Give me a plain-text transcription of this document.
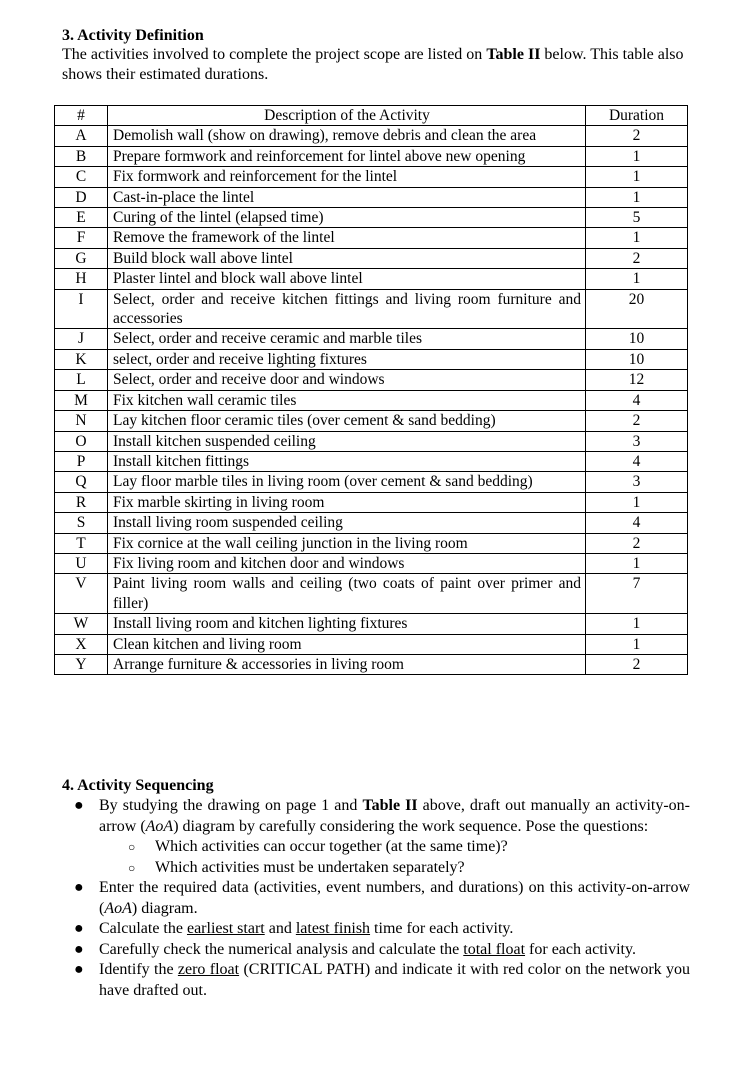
3. Activity Definition
The activities involved to complete the project scope are listed on Table II below. This table also shows their estimated durations.
#	Description of the Activity	Duration
A	Demolish wall (show on drawing), remove debris and clean the area	2
B	Prepare formwork and reinforcement for lintel above new opening	1
C	Fix formwork and reinforcement for the lintel	1
D	Cast-in-place the lintel	1
E	Curing of the lintel (elapsed time)	5
F	Remove the framework of the lintel	1
G	Build block wall above lintel	2
H	Plaster lintel and block wall above lintel	1
I	Select, order and receive kitchen fittings and living room furniture and accessories	20
J	Select, order and receive ceramic and marble tiles	10
K	select, order and receive lighting fixtures	10
L	Select, order and receive door and windows	12
M	Fix kitchen wall ceramic tiles	4
N	Lay kitchen floor ceramic tiles (over cement & sand bedding)	2
O	Install kitchen suspended ceiling	3
P	Install kitchen fittings	4
Q	Lay floor marble tiles in living room (over cement & sand bedding)	3
R	Fix marble skirting in living room	1
S	Install living room suspended ceiling	4
T	Fix cornice at the wall ceiling junction in the living room	2
U	Fix living room and kitchen door and windows	1
V	Paint living room walls and ceiling (two coats of paint over primer and filler)	7
W	Install living room and kitchen lighting fixtures	1
X	Clean kitchen and living room	1
Y	Arrange furniture & accessories in living room	2
4. Activity Sequencing
● By studying the drawing on page 1 and Table II above, draft out manually an activity-on-arrow (AoA) diagram by carefully considering the work sequence. Pose the questions:
○ Which activities can occur together (at the same time)?
○ Which activities must be undertaken separately?
● Enter the required data (activities, event numbers, and durations) on this activity-on-arrow (AoA) diagram.
● Calculate the earliest start and latest finish time for each activity.
● Carefully check the numerical analysis and calculate the total float for each activity.
● Identify the zero float (CRITICAL PATH) and indicate it with red color on the network you have drafted out.
